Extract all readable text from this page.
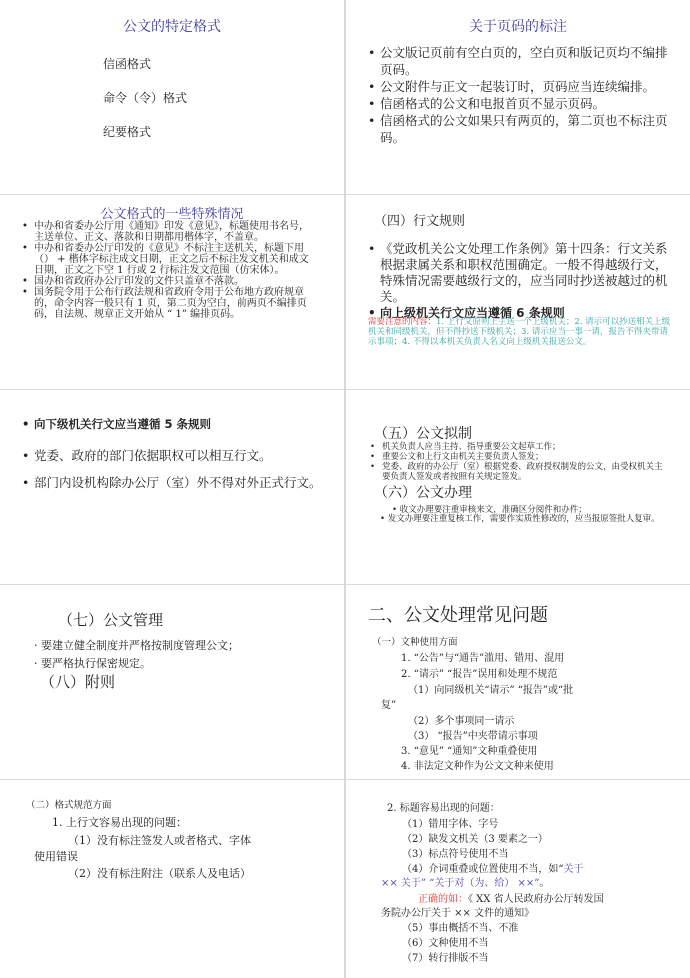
公文的特定格式
信函格式
命令（令）格式
纪要格式
关于页码的标注
• 公文版记页前有空白页的，空白页和版记页均不编排页码。
• 公文附件与正文一起装订时，页码应当连续编排。
• 信函格式的公文和电报首页不显示页码。
• 信函格式的公文如果只有两页的，第二页也不标注页码。
公文格式的一些特殊情况
• 中办和省委办公厅用《通知》印发《意见》，标题使用书名号，主送单位、正文、落款和日期都用楷体字，不盖章。
• 中办和省委办公厅印发的《意见》不标注主送机关，标题下用（） + 楷体字标注成文日期，正文之后不标注发文机关和成文日期，正文之下空 1 行或 2 行标注发文范围（仿宋体）。
• 国办和省政府办公厅印发的文件只盖章不落款。
• 国务院令用于公布行政法规和省政府令用于公布地方政府规章的，命令内容一般只有 1 页，第二页为空白，前两页不编排页码，自法规、规章正文开始从 “ 1” 编排页码。
（四）行文规则
• 《党政机关公文处理工作条例》第十四条：行文关系根据隶属关系和职权范围确定。一般不得越级行文，特殊情况需要越级行文的，应当同时抄送被越过的机关。
• 向上级机关行文应当遵循 6 条规则
需要注意的内容：1. 上行文原则上主送一个上级机关；2. 请示可以抄送相关上级机关和同级机关，但不得抄送下级机关；3. 请示应当一事一请，报告不得夹带请示事项；4. 不得以本机关负责人名义向上级机关报送公文。
• 向下级机关行文应当遵循 5 条规则
• 党委、政府的部门依据职权可以相互行文。
• 部门内设机构除办公厅（室）外不得对外正式行文。
（五）公文拟制
• 机关负责人应当主持、指导重要公文起草工作；
• 重要公文和上行文由机关主要负责人签发；
• 党委、政府的办公厅（室）根据党委、政府授权制发的公文，由受权机关主要负责人签发或者按照有关规定签发。
（六）公文办理
• 收文办理要注重审核来文，准确区分阅件和办件；
• 发文办理要注重复核工作，需要作实质性修改的，应当报原签批人复审。
（七）公文管理
· 要建立健全制度并严格按制度管理公文；
· 要严格执行保密规定。
（八）附则
二、公文处理常见问题
（一）文种使用方面
1. “公告”与“通告”滥用、错用、混用
2. “请示” “报告”误用和处理不规范
（1）向同级机关“请示” “报告”或“批
复”
（2）多个事项同一请示
（3） “报告”中夹带请示事项
3. “意见” “通知”文种重叠使用
4. 非法定文种作为公文文种来使用
（二）格式规范方面
1. 上行文容易出现的问题：
（1）没有标注签发人或者格式、字体
使用错误
（2）没有标注附注（联系人及电话）
2. 标题容易出现的问题：
（1）错用字体、字号
（2）缺发文机关（3 要素之一）
（3）标点符号使用不当
（4）介词重叠或位置使用不当，如“关于
×× 关于” “关于对（为、给） ××”。
正确的如：《 XX 省人民政府办公厅转发国
务院办公厅关于 ×× 文件的通知》
（5）事由概括不当、不准
（6）文种使用不当
（7）转行排版不当
